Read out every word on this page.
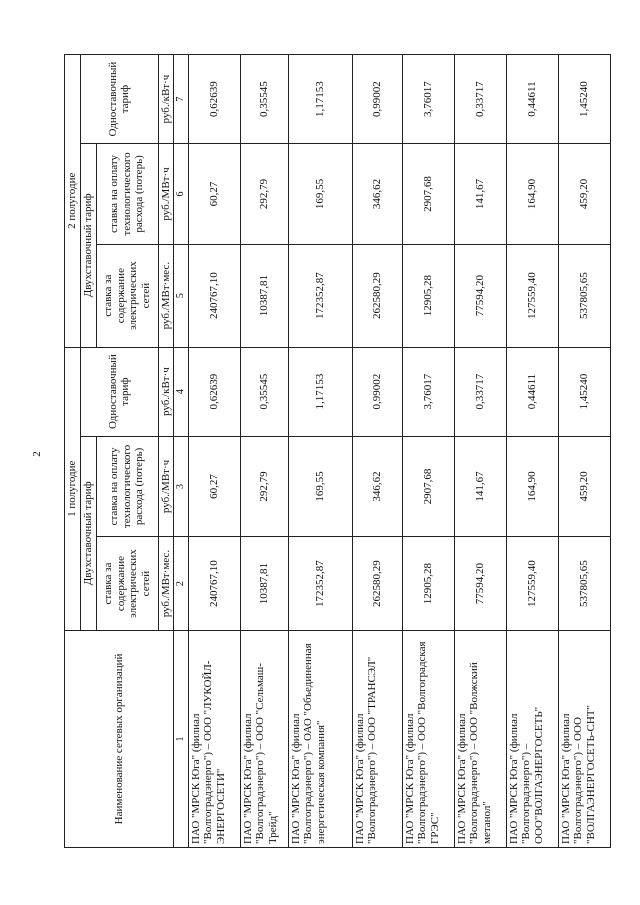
2
Наименование сетевых организаций	1 полугодие			2 полугодие		
	Двухставочный тариф		Одноставочный тариф	Двухставочный тариф		Одноставочный тариф
	ставка за содержание электрических сетей	ставка на оплату технологического расхода (потерь)		ставка за содержание электрических сетей	ставка на оплату технологического расхода (потерь)	
	руб./МВт·мес.	руб./МВт·ч	руб./кВт·ч	руб./МВт·мес.	руб./МВт·ч	руб./кВт·ч
1	2	3	4	5	6	7
ПАО "МРСК Юга" (филиал "Волгоградэнерго") – ООО "ЛУКОЙЛ-ЭНЕРГОСЕТИ"	240767,10	60,27	0,62639	240767,10	60,27	0,62639
ПАО "МРСК Юга" (филиал "Волгоградэнерго") – ООО "Сельмаш-Трейд"	10387,81	292,79	0,35545	10387,81	292,79	0,35545
ПАО "МРСК Юга" (филиал "Волгоградэнерго") – ОАО "Объединенная энергетическая компания"	172352,87	169,55	1,17153	172352,87	169,55	1,17153
ПАО "МРСК Юга" (филиал "Волгоградэнерго") – ООО "ТРАНСЭЛ"	262580,29	346,62	0,99002	262580,29	346,62	0,99002
ПАО "МРСК Юга" (филиал "Волгоградэнерго") – ООО "Волгоградская ГРЭС"	12905,28	2907,68	3,76017	12905,28	2907,68	3,76017
ПАО "МРСК Юга" (филиал "Волгоградэнерго") – ООО "Волжский метанол"	77594,20	141,67	0,33717	77594,20	141,67	0,33717
ПАО "МРСК Юга" (филиал "Волгоградэнерго") – ООО"ВОЛГАЭНЕРГОСЕТЬ"	127559,40	164,90	0,44611	127559,40	164,90	0,44611
ПАО "МРСК Юга" (филиал "Волгоградэнерго") – ООО "ВОЛГАЭНЕРГОСЕТЬ-СНТ"	537805,65	459,20	1,45240	537805,65	459,20	1,45240
